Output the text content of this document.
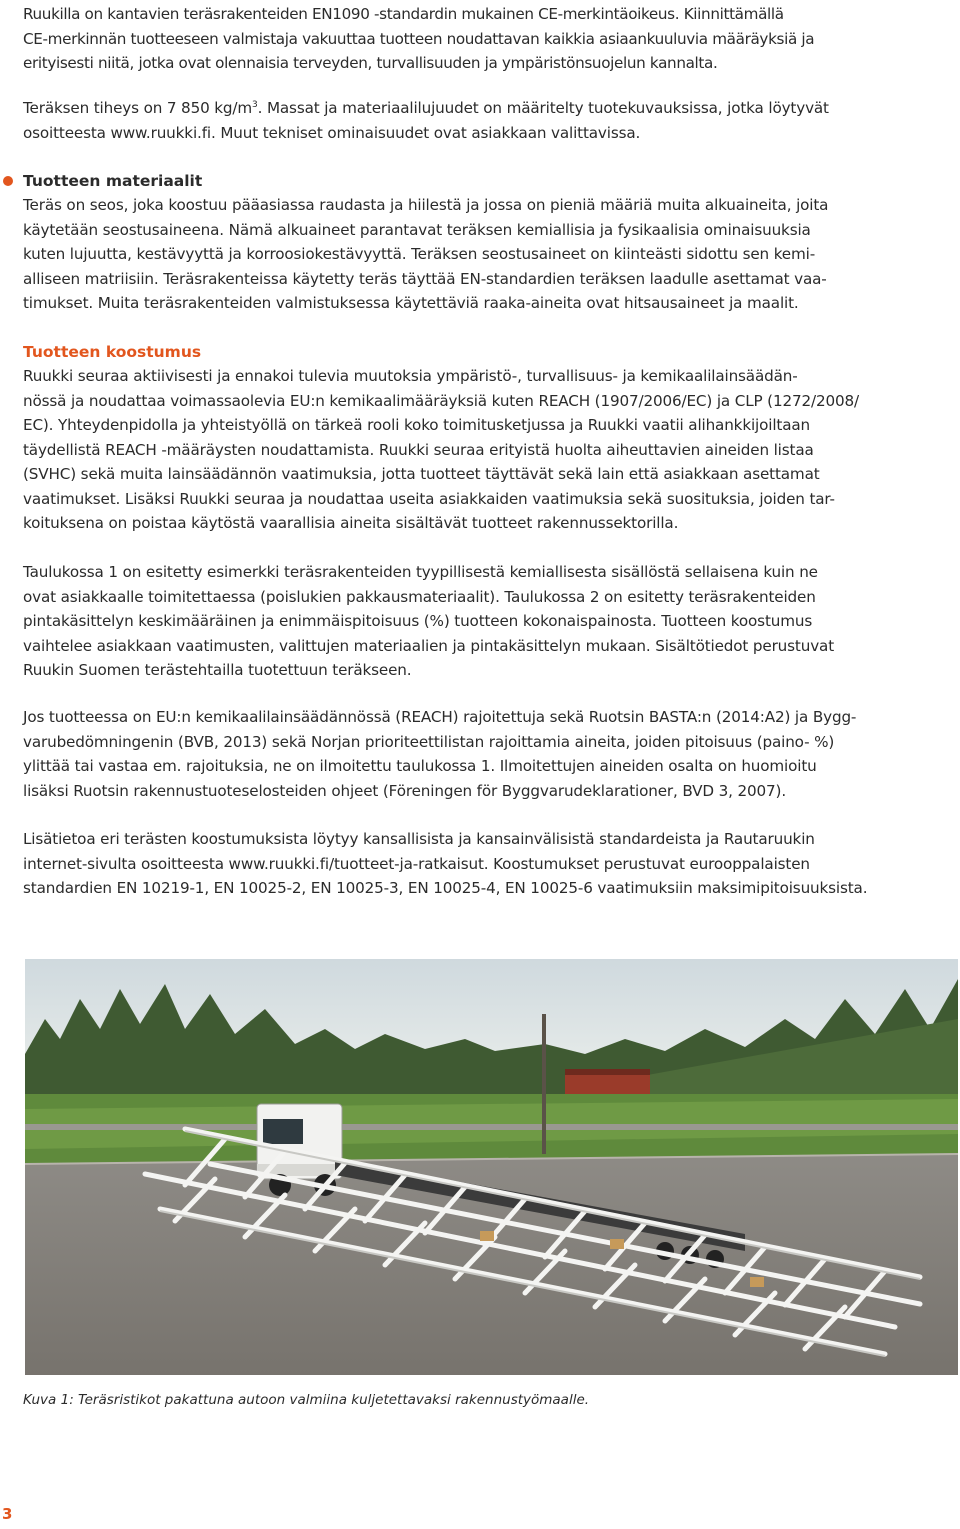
Ruukilla on kantavien teräsrakenteiden EN1090 -standardin mukainen CE-merkintäoikeus. Kiinnittämällä
CE-merkinnän tuotteeseen valmistaja vakuuttaa tuotteen noudattavan kaikkia asiaankuuluvia määräyksiä ja
erityisesti niitä, jotka ovat olennaisia terveyden, turvallisuuden ja ympäristönsuojelun kannalta.

Teräksen tiheys on 7 850 $kg/m^3$. Massat ja materiaalilujuudet on määritelty tuotekuvauksissa, jotka löytyvät
osoitteesta www.ruukki.fi. Muut tekniset ominaisuudet ovat asiakkaan valittavissa.

Tuotteen materiaalit

Teräs on seos, joka koostuu pääasiassa raudasta ja hiilestä ja jossa on pieniä määriä muita alkuaineita, joita
käytetään seostusaineena. Nämä alkuaineet parantavat teräksen kemiallisia ja fysikaalisia ominaisuuksia
kuten lujuutta, kestävyyttä ja korroosiokestävyyttä. Teräksen seostusaineet on kiinteästi sidottu sen kemi-
alliseen matriisiin. Teräsrakenteissa käytetty teräs täyttää EN-standardien teräksen laadulle asettamat vaa-
timukset. Muita teräsrakenteiden valmistuksessa käytettäviä raaka-aineita ovat hitsausaineet ja maalit.

Tuotteen koostumus

Ruukki seuraa aktiivisesti ja ennakoi tulevia muutoksia ympäristö-, turvallisuus- ja kemikaalilainsäädän-
nössä ja noudattaa voimassaolevia EU:n kemikaalimääräyksiä kuten REACH (1907/2006/EC) ja CLP (1272/2008/
EC). Yhteydenpidolla ja yhteistyöllä on tärkeä rooli koko toimitusketjussa ja Ruukki vaatii alihankkijoiltaan
täydellistä REACH -määräysten noudattamista. Ruukki seuraa erityistä huolta aiheuttavien aineiden listaa
(SVHC) sekä muita lainsäädännön vaatimuksia, jotta tuotteet täyttävät sekä lain että asiakkaan asettamat
vaatimukset. Lisäksi Ruukki seuraa ja noudattaa useita asiakkaiden vaatimuksia sekä suosituksia, joiden tar-
koituksena on poistaa käytöstä vaarallisia aineita sisältävät tuotteet rakennussektorilla.

Taulukossa 1 on esitetty esimerkki teräsrakenteiden tyypillisestä kemiallisesta sisällöstä sellaisena kuin ne
ovat asiakkaalle toimitettaessa (poislukien pakkausmateriaalit). Taulukossa 2 on esitetty teräsrakenteiden
pintakäsittelyn keskimääräinen ja enimmäispitoisuus (%) tuotteen kokonaispainosta. Tuotteen koostumus
vaihtelee asiakkaan vaatimusten, valittujen materiaalien ja pintakäsittelyn mukaan. Sisältötiedot perustuvat
Ruukin Suomen terästehtailla tuotettuun teräkseen.

Jos tuotteessa on EU:n kemikaalilainsäädännössä (REACH) rajoitettuja sekä Ruotsin BASTA:n (2014:A2) ja Bygg-
varubedömningenin (BVB, 2013) sekä Norjan prioriteettilistan rajoittamia aineita, joiden pitoisuus (paino- %)
ylittää tai vastaa em. rajoituksia, ne on ilmoitettu taulukossa 1. Ilmoitettujen aineiden osalta on huomioitu
lisäksi Ruotsin rakennustuoteselosteiden ohjeet (Föreningen för Byggvarudeklarationer, BVD 3, 2007).

Lisätietoa eri terästen koostumuksista löytyy kansallisista ja kansainvälisistä standardeista ja Rautaruukin
internet-sivulta osoitteesta www.ruukki.fi/tuotteet-ja-ratkaisut. Koostumukset perustuvat eurooppalaisten
standardien EN 10219-1, EN 10025-2, EN 10025-3, EN 10025-4, EN 10025-6 vaatimuksiin maksimipitoisuuksista.

Kuva 1: Teräsristikot pakattuna autoon valmiina kuljetettavaksi rakennustyömaalle.

3
